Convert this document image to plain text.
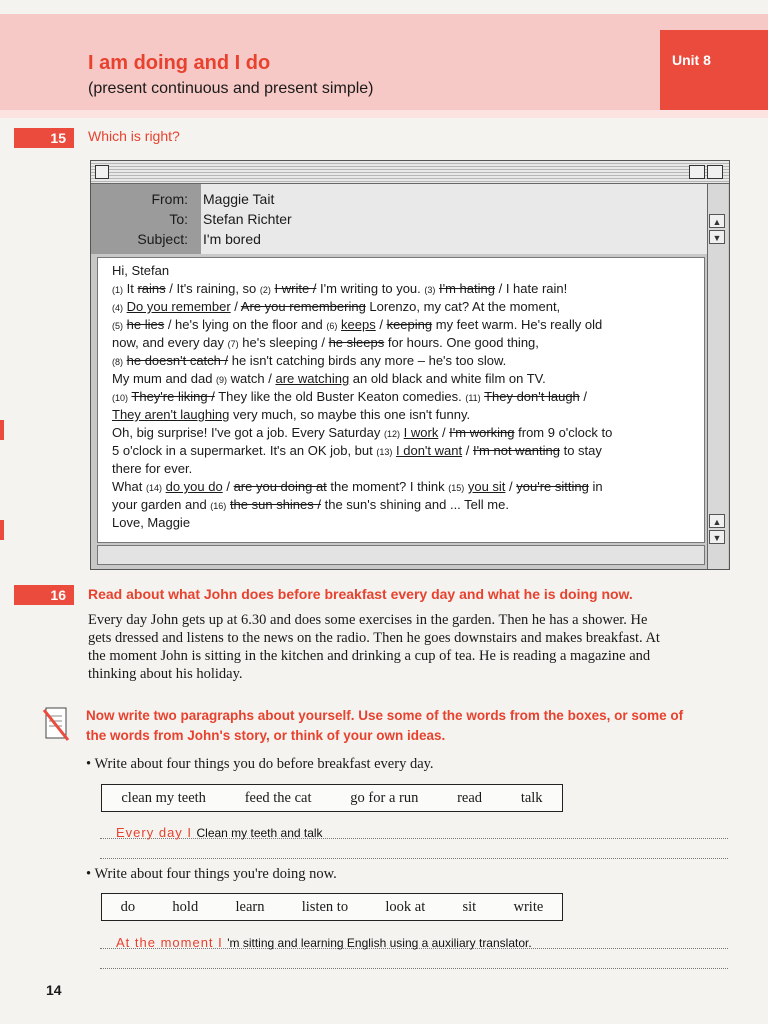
Unit 8
I am doing and I do
(present continuous and present simple)
15	Which is right?
From: Maggie Tait
To: Stefan Richter
Subject: I'm bored
▲
▼
▲
▼
Hi, Stefan
(1) It rains / It's raining, so (2) I write / I'm writing to you. (3) I'm hating / I hate rain!
(4) Do you remember / Are you remembering Lorenzo, my cat? At the moment,
(5) he lies / he's lying on the floor and (6) keeps / keeping my feet warm. He's really old
now, and every day (7) he's sleeping / he sleeps for hours. One good thing,
(8) he doesn't catch / he isn't catching birds any more – he's too slow.
My mum and dad (9) watch / are watching an old black and white film on TV.
(10) They're liking / They like the old Buster Keaton comedies. (11) They don't laugh /
They aren't laughing very much, so maybe this one isn't funny.
Oh, big surprise! I've got a job. Every Saturday (12) I work / I'm working from 9 o'clock to
5 o'clock in a supermarket. It's an OK job, but (13) I don't want / I'm not wanting to stay
there for ever.
What (14) do you do / are you doing at the moment? I think (15) you sit / you're sitting in
your garden and (16) the sun shines / the sun's shining and ... Tell me.
Love, Maggie
16	Read about what John does before breakfast every day and what he is doing now.
Every day John gets up at 6.30 and does some exercises in the garden. Then he has a shower. He
gets dressed and listens to the news on the radio. Then he goes downstairs and makes breakfast. At
the moment John is sitting in the kitchen and drinking a cup of tea. He is reading a magazine and
thinking about his holiday.
Now write two paragraphs about yourself. Use some of the words from the boxes, or some of
the words from John's story, or think of your own ideas.
• Write about four things you do before breakfast every day.
clean my teeth	feed the cat	go for a run	read	talk
Every day I Clean my teeth and talk
• Write about four things you're doing now.
do	hold	learn	listen to	look at	sit	write
At the moment I 'm sitting and learning English using a auxiliary translator.
14
